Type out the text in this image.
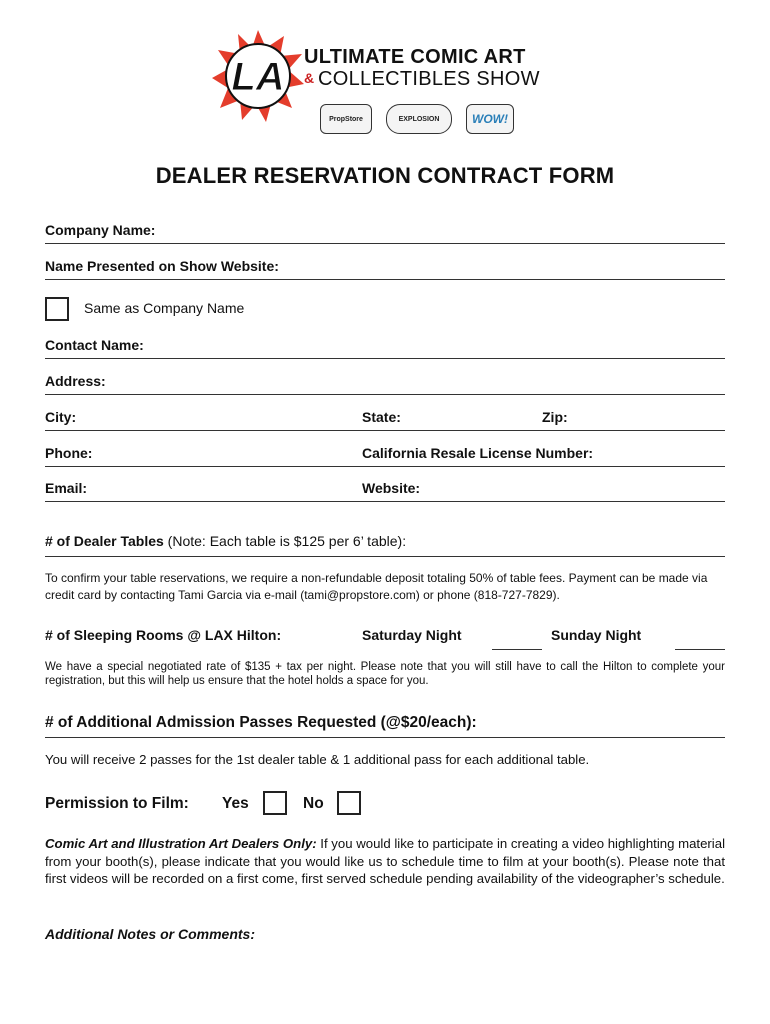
LA ULTIMATE COMIC ART
& COLLECTIBLES SHOW
PropStore	EXPLOSION	WOW!
DEALER RESERVATION CONTRACT FORM
Company Name:
Name Presented on Show Website:
Same as Company Name
Contact Name:
Address:
City:	State:	Zip:
Phone:	California Resale License Number:
Email:	Website:
# of Dealer Tables (Note: Each table is $125 per 6’ table):
To confirm your table reservations, we require a non-refundable deposit totaling 50% of table fees. Payment can be made via credit card by contacting Tami Garcia via e-mail (tami@propstore.com) or phone (818-727-7829).
# of Sleeping Rooms @ LAX Hilton:	Saturday Night	Sunday Night
We have a special negotiated rate of $135 + tax per night. Please note that you will still have to call the Hilton to complete your registration, but this will help us ensure that the hotel holds a space for you.
# of Additional Admission Passes Requested (@$20/each):
You will receive 2 passes for the 1st dealer table & 1 additional pass for each additional table.
Permission to Film: Yes	No
Comic Art and Illustration Art Dealers Only: If you would like to participate in creating a video highlighting material from your booth(s), please indicate that you would like us to schedule time to film at your booth(s). Please note that first videos will be recorded on a first come, first served schedule pending availability of the videographer’s schedule.
Additional Notes or Comments:
